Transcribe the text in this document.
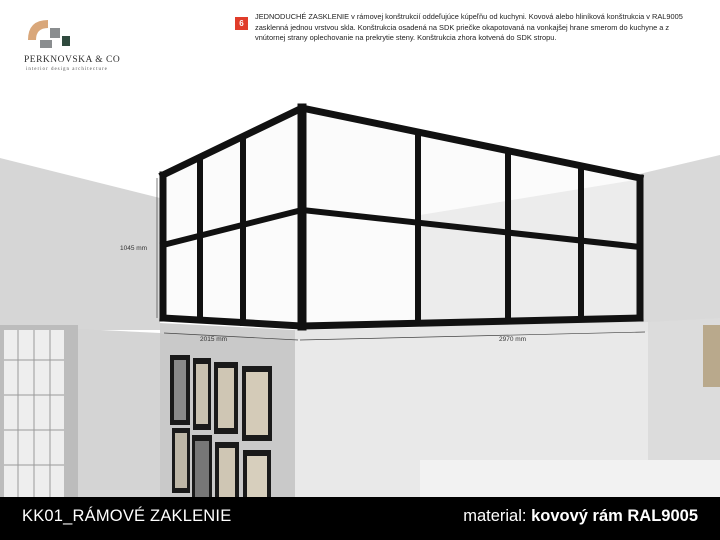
PERKNOVSKA & CO
interior design architecture
6
JEDNODUCHÉ ZASKLENIE v rámovej konštrukcií oddeľujúce kúpeľňu od kuchyni. Kovová alebo hliníková konštrukcia v RAL9005 zasklenná jednou vrstvou skla. Konštrukcia osadená na SDK priečke okapotovaná na vonkajšej hrane smerom do kuchyne a z vnútornej strany oplechovanie na prekrytie steny. Konštrukcia zhora kotvená do SDK stropu.
1045 mm
2015 mm	2970 mm
KK01_RÁMOVÉ ZAKLENIE	material: kovový rám RAL9005
